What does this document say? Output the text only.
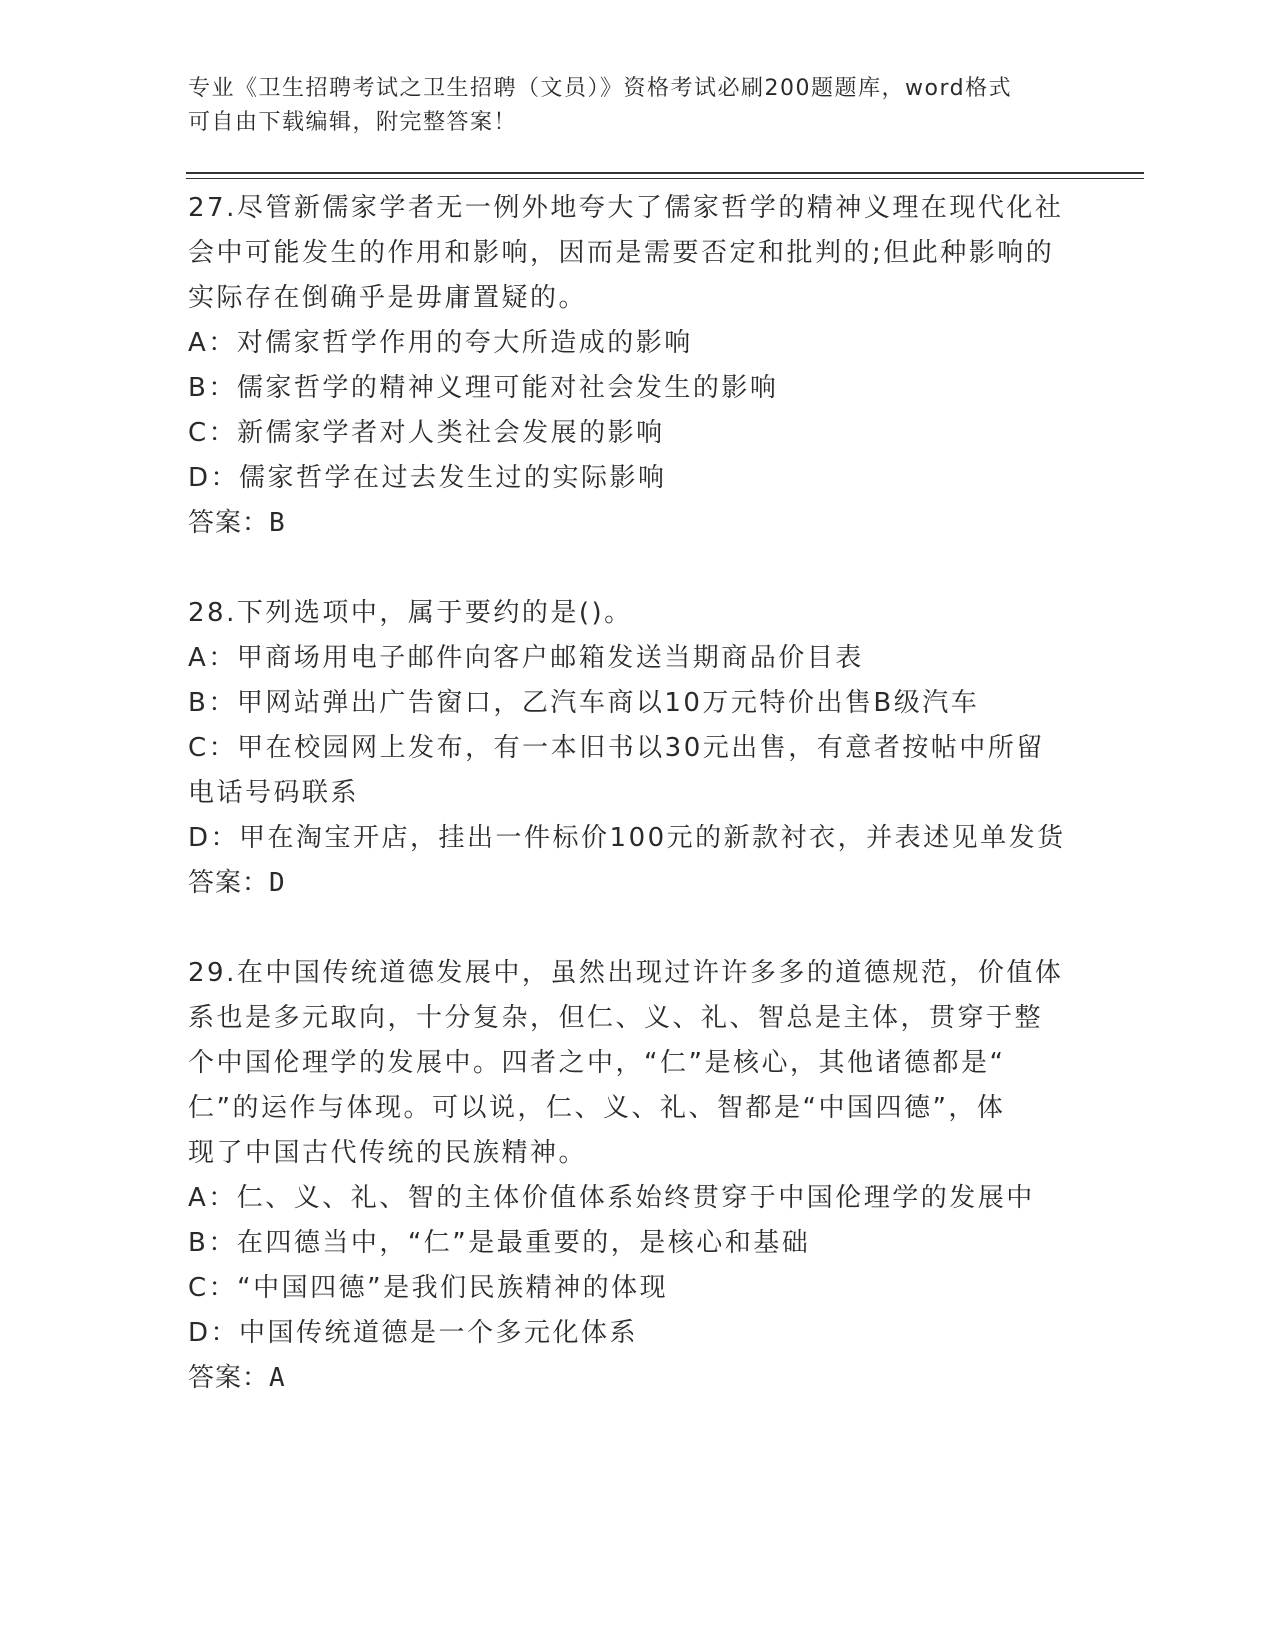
专业《卫生招聘考试之卫生招聘（文员）》资格考试必刷200题题库，word格式
可自由下载编辑，附完整答案！
27.尽管新儒家学者无一例外地夸大了儒家哲学的精神义理在现代化社
会中可能发生的作用和影响，因而是需要否定和批判的;但此种影响的
实际存在倒确乎是毋庸置疑的。
A：对儒家哲学作用的夸大所造成的影响
B：儒家哲学的精神义理可能对社会发生的影响
C：新儒家学者对人类社会发展的影响
D：儒家哲学在过去发生过的实际影响
答案：B
28.下列选项中，属于要约的是()。
A：甲商场用电子邮件向客户邮箱发送当期商品价目表
B：甲网站弹出广告窗口，乙汽车商以10万元特价出售B级汽车
C：甲在校园网上发布，有一本旧书以30元出售，有意者按帖中所留
电话号码联系
D：甲在淘宝开店，挂出一件标价100元的新款衬衣，并表述见单发货
答案：D
29.在中国传统道德发展中，虽然出现过许许多多的道德规范，价值体
系也是多元取向，十分复杂，但仁、义、礼、智总是主体，贯穿于整
个中国伦理学的发展中。四者之中，“仁”是核心，其他诸德都是“
仁”的运作与体现。可以说，仁、义、礼、智都是“中国四德”，体
现了中国古代传统的民族精神。
A：仁、义、礼、智的主体价值体系始终贯穿于中国伦理学的发展中
B：在四德当中，“仁”是最重要的，是核心和基础
C：“中国四德”是我们民族精神的体现
D：中国传统道德是一个多元化体系
答案：A
